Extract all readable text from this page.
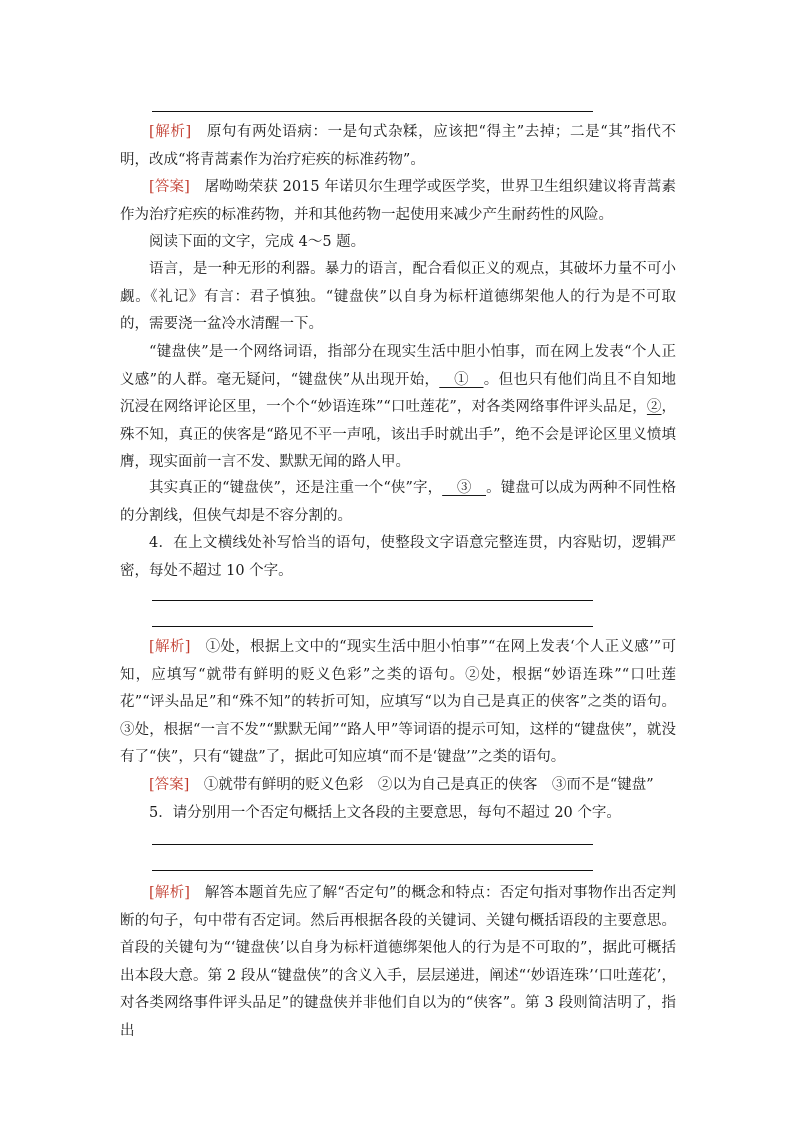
[解析]　 原句有两处语病：一是句式杂糅，应该把“得主”去掉；二是“其”指代不明，改成“将青蒿素作为治疗疟疾的标准药物”。

[答案]　 屠呦呦荣获 2015 年诺贝尔生理学或医学奖，世界卫生组织建议将青蒿素作为治疗疟疾的标准药物，并和其他药物一起使用来减少产生耐药性的风险。

阅读下面的文字，完成 4～5 题。

语言，是一种无形的利器。暴力的语言，配合看似正义的观点，其破坏力量不可小觑。《礼记》有言：君子慎独。“键盘侠”以自身为标杆道德绑架他人的行为是不可取的，需要浇一盆冷水清醒一下。

“键盘侠”是一个网络词语，指部分在现实生活中胆小怕事，而在网上发表“个人正义感”的人群。毫无疑问，“键盘侠”从出现开始，__①__。但也只有他们尚且不自知地沉浸在网络评论区里，一个个“妙语连珠”“口吐莲花”，对各类网络事件评头品足，②，殊不知，真正的侠客是“路见不平一声吼，该出手时就出手”，绝不会是评论区里义愤填膺，现实面前一言不发、默默无闻的路人甲。

其实真正的“键盘侠”，还是注重一个“侠”字，__③__。键盘可以成为两种不同性格的分割线，但侠气却是不容分割的。

4．在上文横线处补写恰当的语句，使整段文字语意完整连贯，内容贴切，逻辑严密，每处不超过 10 个字。

[解析]　 ①处，根据上文中的“现实生活中胆小怕事”“在网上发表‘个人正义感’”可知，应填写“就带有鲜明的贬义色彩”之类的语句。②处，根据“妙语连珠”“口吐莲花”“评头品足”和“殊不知”的转折可知，应填写“以为自己是真正的侠客”之类的语句。③处，根据“一言不发”“默默无闻”“路人甲”等词语的提示可知，这样的“键盘侠”，就没有了“侠”，只有“键盘”了，据此可知应填“而不是‘键盘’”之类的语句。

[答案]　 ①就带有鲜明的贬义色彩　②以为自己是真正的侠客　③而不是“键盘”

5．请分别用一个否定句概括上文各段的主要意思，每句不超过 20 个字。

[解析]　 解答本题首先应了解“否定句”的概念和特点：否定句指对事物作出否定判断的句子，句中带有否定词。然后再根据各段的关键词、关键句概括语段的主要意思。首段的关键句为“‘键盘侠’以自身为标杆道德绑架他人的行为是不可取的”，据此可概括出本段大意。第 2 段从“键盘侠”的含义入手，层层递进，阐述“‘妙语连珠’‘口吐莲花’，对各类网络事件评头品足”的键盘侠并非他们自以为的“侠客”。第 3 段则简洁明了，指出
